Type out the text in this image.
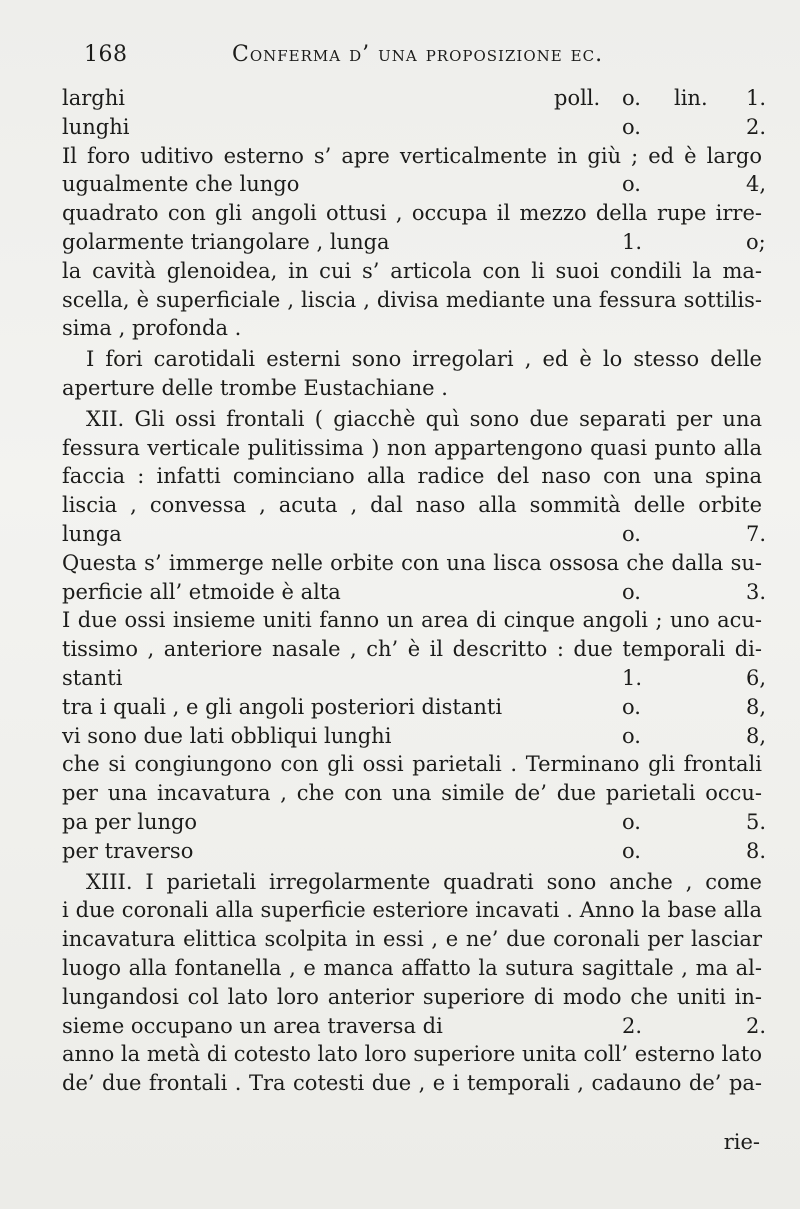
168	Conferma d’ una proposizione ec.
larghi	poll. o. lin. 1.
lunghi	o.	2.
Il foro uditivo esterno s’ apre verticalmente in giù ; ed è largo
ugualmente che lungo	o.	4,
quadrato con gli angoli ottusi , occupa il mezzo della rupe irre-
golarmente triangolare , lunga	1.	o;
la cavità glenoidea, in cui s’ articola con li suoi condili la ma-
scella, è superficiale , liscia , divisa mediante una fessura sottilis-
sima , profonda .
I fori carotidali esterni sono irregolari , ed è lo stesso delle
aperture delle trombe Eustachiane .
XII. Gli ossi frontali ( giacchè quì sono due separati per una
fessura verticale pulitissima ) non appartengono quasi punto alla
faccia : infatti cominciano alla radice del naso con una spina
liscia , convessa , acuta , dal naso alla sommità delle orbite
lunga	o.	7.
Questa s’ immerge nelle orbite con una lisca ossosa che dalla su-
perficie all’ etmoide è alta	o.	3.
I due ossi insieme uniti fanno un area di cinque angoli ; uno acu-
tissimo , anteriore nasale , ch’ è il descritto : due temporali di-
stanti	1.	6,
tra i quali , e gli angoli posteriori distanti	o.	8,
vi sono due lati obbliqui lunghi	o.	8,
che si congiungono con gli ossi parietali . Terminano gli frontali
per una incavatura , che con una simile de’ due parietali occu-
pa per lungo	o.	5.
per traverso	o.	8.
XIII. I parietali irregolarmente quadrati sono anche , come
i due coronali alla superficie esteriore incavati . Anno la base alla
incavatura elittica scolpita in essi , e ne’ due coronali per lasciar
luogo alla fontanella , e manca affatto la sutura sagittale , ma al-
lungandosi col lato loro anterior superiore di modo che uniti in-
sieme occupano un area traversa di	2.	2.
anno la metà di cotesto lato loro superiore unita coll’ esterno lato
de’ due frontali . Tra cotesti due , e i temporali , cadauno de’ pa-
rie-
